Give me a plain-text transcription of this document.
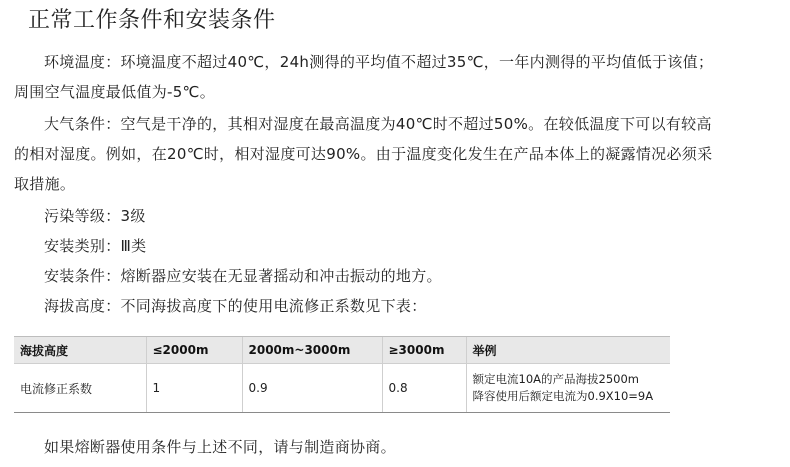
正常工作条件和安装条件
环境温度：环境温度不超过40℃，24h测得的平均值不超过35℃，一年内测得的平均值低于该值；周围空气温度最低值为-5℃。
大气条件：空气是干净的，其相对湿度在最高温度为40℃时不超过50%。在较低温度下可以有较高的相对湿度。例如，在20℃时，相对湿度可达90%。由于温度变化发生在产品本体上的凝露情况必须采取措施。
污染等级：3级
安装类别：Ⅲ类
安装条件：熔断器应安装在无显著摇动和冲击振动的地方。
海拔高度：不同海拔高度下的使用电流修正系数见下表：
海拔高度	≤2000m	2000m~3000m	≥3000m	举例
电流修正系数	1	0.9	0.8	额定电流10A的产品海拔2500m
降容使用后额定电流为0.9X10=9A
如果熔断器使用条件与上述不同，请与制造商协商。
